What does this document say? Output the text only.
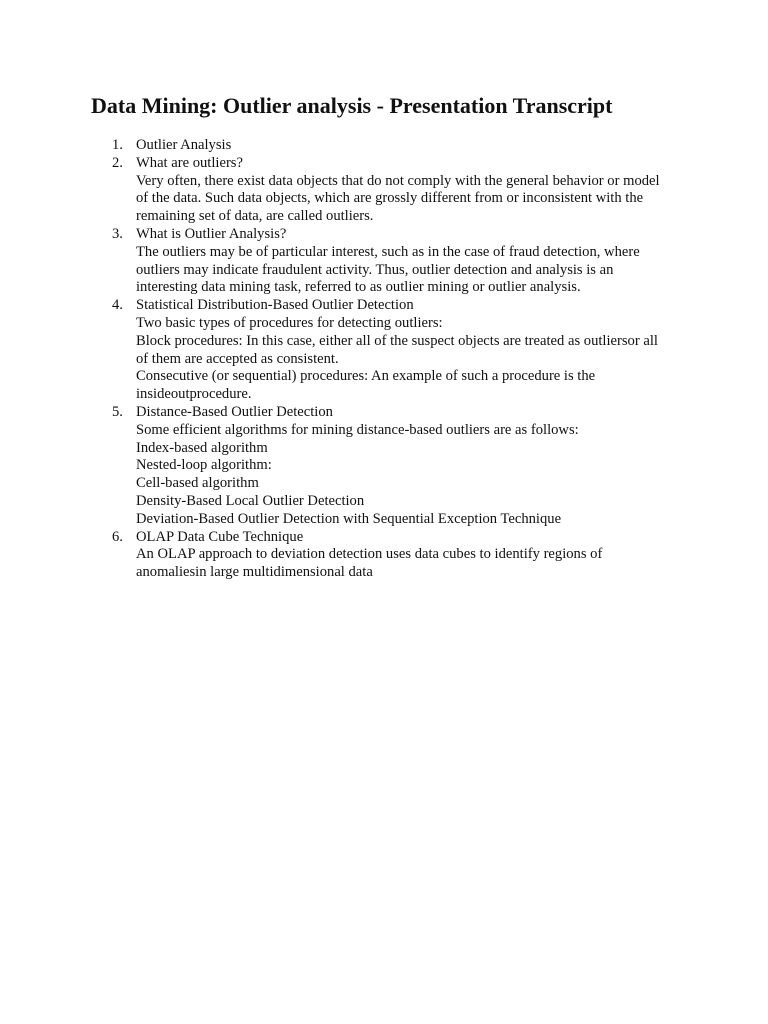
Data Mining: Outlier analysis - Presentation Transcript
1. Outlier Analysis
2. What are outliers?
Very often, there exist data objects that do not comply with the general behavior or model
of the data. Such data objects, which are grossly different from or inconsistent with the
remaining set of data, are called outliers.
3. What is Outlier Analysis?
The outliers may be of particular interest, such as in the case of fraud detection, where
outliers may indicate fraudulent activity. Thus, outlier detection and analysis is an
interesting data mining task, referred to as outlier mining or outlier analysis.
4. Statistical Distribution-Based Outlier Detection
Two basic types of procedures for detecting outliers:
Block procedures: In this case, either all of the suspect objects are treated as outliersor all
of them are accepted as consistent.
Consecutive (or sequential) procedures: An example of such a procedure is the
insideoutprocedure.
5. Distance-Based Outlier Detection
Some efficient algorithms for mining distance-based outliers are as follows:
Index-based algorithm
Nested-loop algorithm:
Cell-based algorithm
Density-Based Local Outlier Detection
Deviation-Based Outlier Detection with Sequential Exception Technique
6. OLAP Data Cube Technique
An OLAP approach to deviation detection uses data cubes to identify regions of
anomaliesin large multidimensional data
